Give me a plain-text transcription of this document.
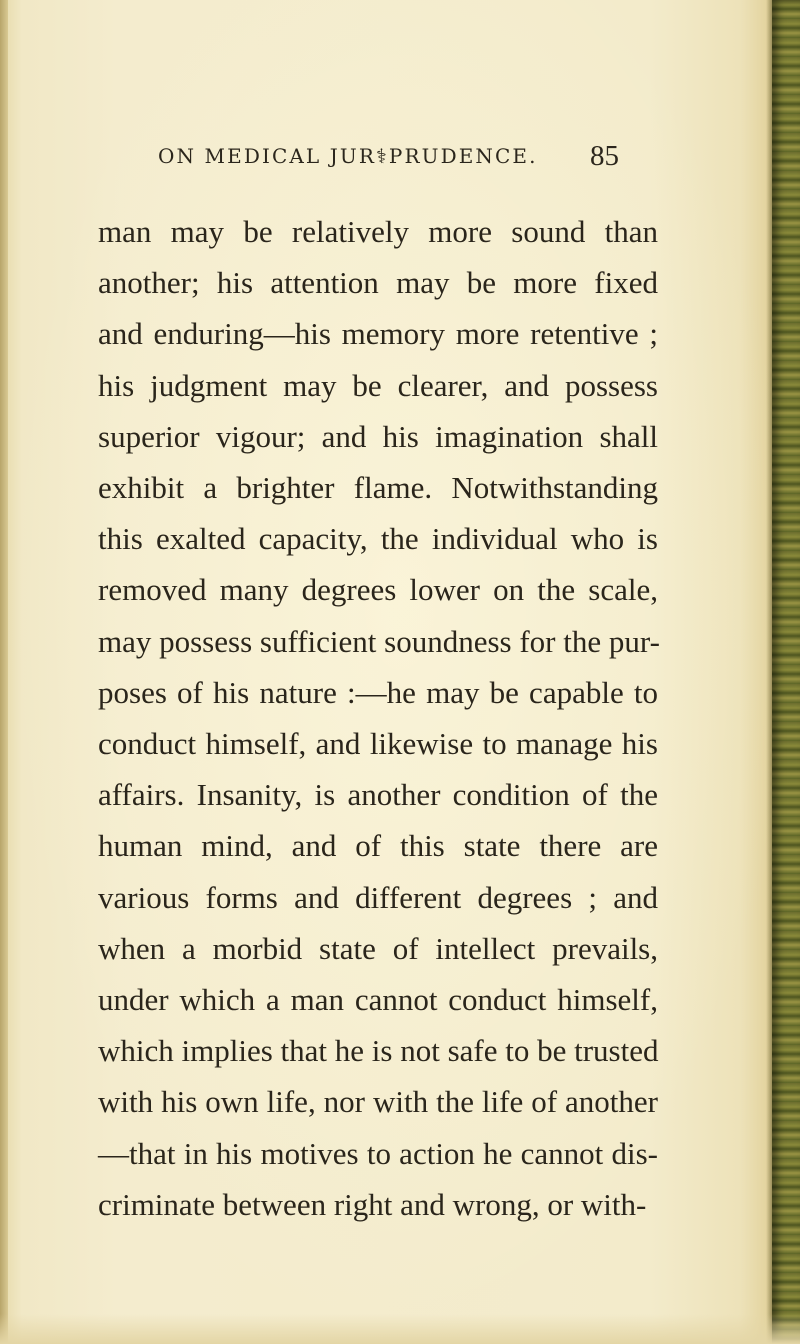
ON MEDICAL JUR⚕PRUDENCE. 85
man may be relatively more sound than
another; his attention may be more fixed
and enduring—his memory more retentive ;
his judgment may be clearer, and possess
superior vigour; and his imagination shall
exhibit a brighter flame. Notwithstanding
this exalted capacity, the individual who is
removed many degrees lower on the scale,
may possess sufficient soundness for the pur-
poses of his nature :—he may be capable to
conduct himself, and likewise to manage his
affairs. Insanity, is another condition of the
human mind, and of this state there are
various forms and different degrees ; and
when a morbid state of intellect prevails,
under which a man cannot conduct himself,
which implies that he is not safe to be trusted
with his own life, nor with the life of another
—that in his motives to action he cannot dis-
criminate between right and wrong, or with-
